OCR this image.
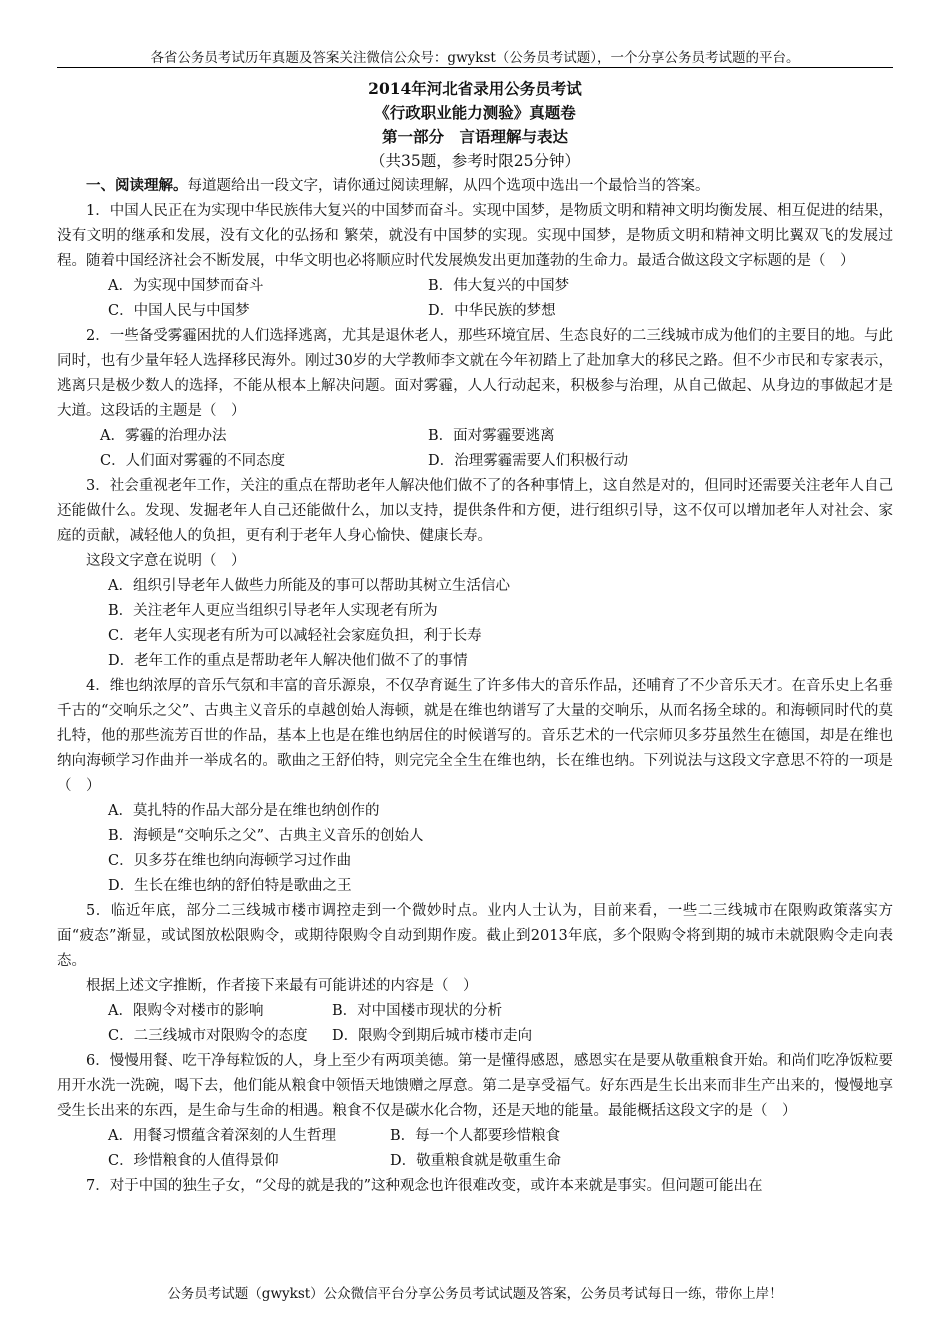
各省公务员考试历年真题及答案关注微信公众号：gwykst（公务员考试题），一个分享公务员考试题的平台。
2014年河北省录用公务员考试
《行政职业能力测验》真题卷
第一部分　言语理解与表达
（共35题，参考时限25分钟）

一、阅读理解。每道题给出一段文字，请你通过阅读理解，从四个选项中选出一个最恰当的答案。

1．中国人民正在为实现中华民族伟大复兴的中国梦而奋斗。实现中国梦，是物质文明和精神文明均衡发展、相互促进的结果，没有文明的继承和发展，没有文化的弘扬和 繁荣，就没有中国梦的实现。实现中国梦，是物质文明和精神文明比翼双飞的发展过程。随着中国经济社会不断发展，中华文明也必将顺应时代发展焕发出更加蓬勃的生命力。最适合做这段文字标题的是（　）

A．为实现中国梦而奋斗	B．伟大复兴的中国梦
C．中国人民与中国梦	D．中华民族的梦想

2．一些备受雾霾困扰的人们选择逃离，尤其是退休老人，那些环境宜居、生态良好的二三线城市成为他们的主要目的地。与此同时，也有少量年轻人选择移民海外。刚过30岁的大学教师李文就在今年初踏上了赴加拿大的移民之路。但不少市民和专家表示，逃离只是极少数人的选择，不能从根本上解决问题。面对雾霾，人人行动起来，积极参与治理，从自己做起、从身边的事做起才是大道。这段话的主题是（　）

A．雾霾的治理办法	B．面对雾霾要逃离
C．人们面对雾霾的不同态度	D．治理雾霾需要人们积极行动

3．社会重视老年工作，关注的重点在帮助老年人解决他们做不了的各种事情上，这自然是对的，但同时还需要关注老年人自己还能做什么。发现、发掘老年人自己还能做什么，加以支持，提供条件和方便，进行组织引导，这不仅可以增加老年人对社会、家庭的贡献，减轻他人的负担，更有利于老年人身心愉快、健康长寿。

这段文字意在说明（　）

A．组织引导老年人做些力所能及的事可以帮助其树立生活信心
B．关注老年人更应当组织引导老年人实现老有所为
C．老年人实现老有所为可以减轻社会家庭负担，利于长寿
D．老年工作的重点是帮助老年人解决他们做不了的事情

4．维也纳浓厚的音乐气氛和丰富的音乐源泉，不仅孕育诞生了许多伟大的音乐作品，还哺育了不少音乐天才。在音乐史上名垂千古的“交响乐之父”、古典主义音乐的卓越创始人海顿，就是在维也纳谱写了大量的交响乐，从而名扬全球的。和海顿同时代的莫扎特，他的那些流芳百世的作品，基本上也是在维也纳居住的时候谱写的。音乐艺术的一代宗师贝多芬虽然生在德国，却是在维也纳向海顿学习作曲并一举成名的。歌曲之王舒伯特，则完完全全生在维也纳，长在维也纳。下列说法与这段文字意思不符的一项是（　）

A．莫扎特的作品大部分是在维也纳创作的
B．海顿是“交响乐之父”、古典主义音乐的创始人
C．贝多芬在维也纳向海顿学习过作曲
D．生长在维也纳的舒伯特是歌曲之王

5．临近年底，部分二三线城市楼市调控走到一个微妙时点。业内人士认为，目前来看，一些二三线城市在限购政策落实方面“疲态”渐显，或试图放松限购令，或期待限购令自动到期作废。截止到2013年底，多个限购令将到期的城市未就限购令走向表态。

根据上述文字推断，作者接下来最有可能讲述的内容是（　）

A．限购令对楼市的影响	B．对中国楼市现状的分析
C．二三线城市对限购令的态度	D．限购令到期后城市楼市走向

6．慢慢用餐、吃干净每粒饭的人，身上至少有两项美德。第一是懂得感恩，感恩实在是要从敬重粮食开始。和尚们吃净饭粒要用开水洗一洗碗，喝下去，他们能从粮食中领悟天地馈赠之厚意。第二是享受福气。好东西是生长出来而非生产出来的，慢慢地享受生长出来的东西，是生命与生命的相遇。粮食不仅是碳水化合物，还是天地的能量。最能概括这段文字的是（　）

A．用餐习惯蕴含着深刻的人生哲理	B．每一个人都要珍惜粮食
C．珍惜粮食的人值得景仰	D．敬重粮食就是敬重生命

7．对于中国的独生子女，“父母的就是我的”这种观念也许很难改变，或许本来就是事实。但问题可能出在

公务员考试题（gwykst）公众微信平台分享公务员考试试题及答案，公务员考试每日一练，带你上岸！
